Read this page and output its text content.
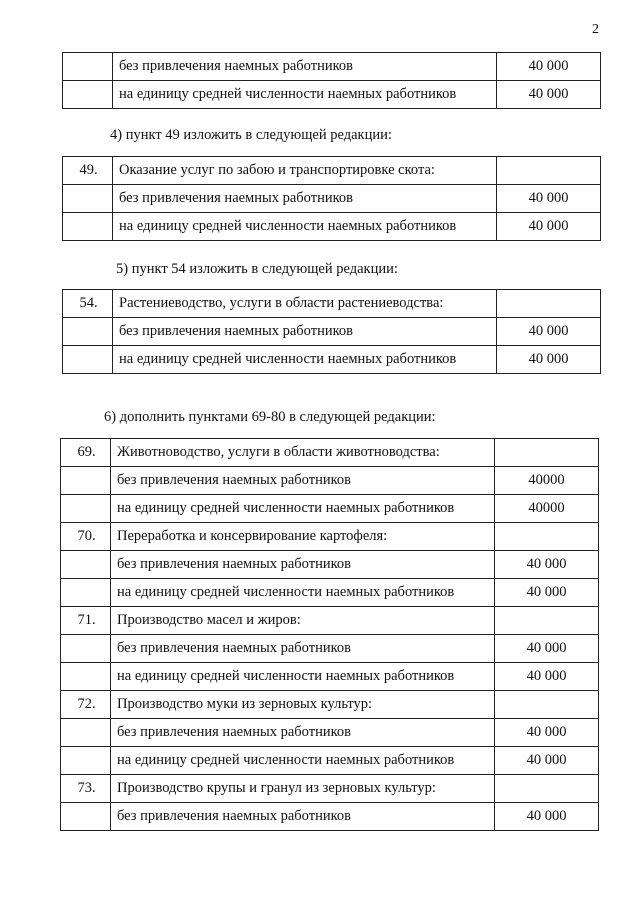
2
	без привлечения наемных работников	40 000
	на единицу средней численности наемных работников	40 000
4) пункт 49 изложить в следующей редакции:
49.	Оказание услуг по забою и транспортировке скота:	
	без привлечения наемных работников	40 000
	на единицу средней численности наемных работников	40 000
5) пункт 54 изложить в следующей редакции:
54.	Растениеводство, услуги в области растениеводства:	
	без привлечения наемных работников	40 000
	на единицу средней численности наемных работников	40 000
6) дополнить пунктами 69-80 в следующей редакции:
69.	Животноводство, услуги в области животноводства:	
	без привлечения наемных работников	40000
	на единицу средней численности наемных работников	40000
70.	Переработка и консервирование картофеля:	
	без привлечения наемных работников	40 000
	на единицу средней численности наемных работников	40 000
71.	Производство масел и жиров:	
	без привлечения наемных работников	40 000
	на единицу средней численности наемных работников	40 000
72.	Производство муки из зерновых культур:	
	без привлечения наемных работников	40 000
	на единицу средней численности наемных работников	40 000
73.	Производство крупы и гранул из зерновых культур:	
	без привлечения наемных работников	40 000
